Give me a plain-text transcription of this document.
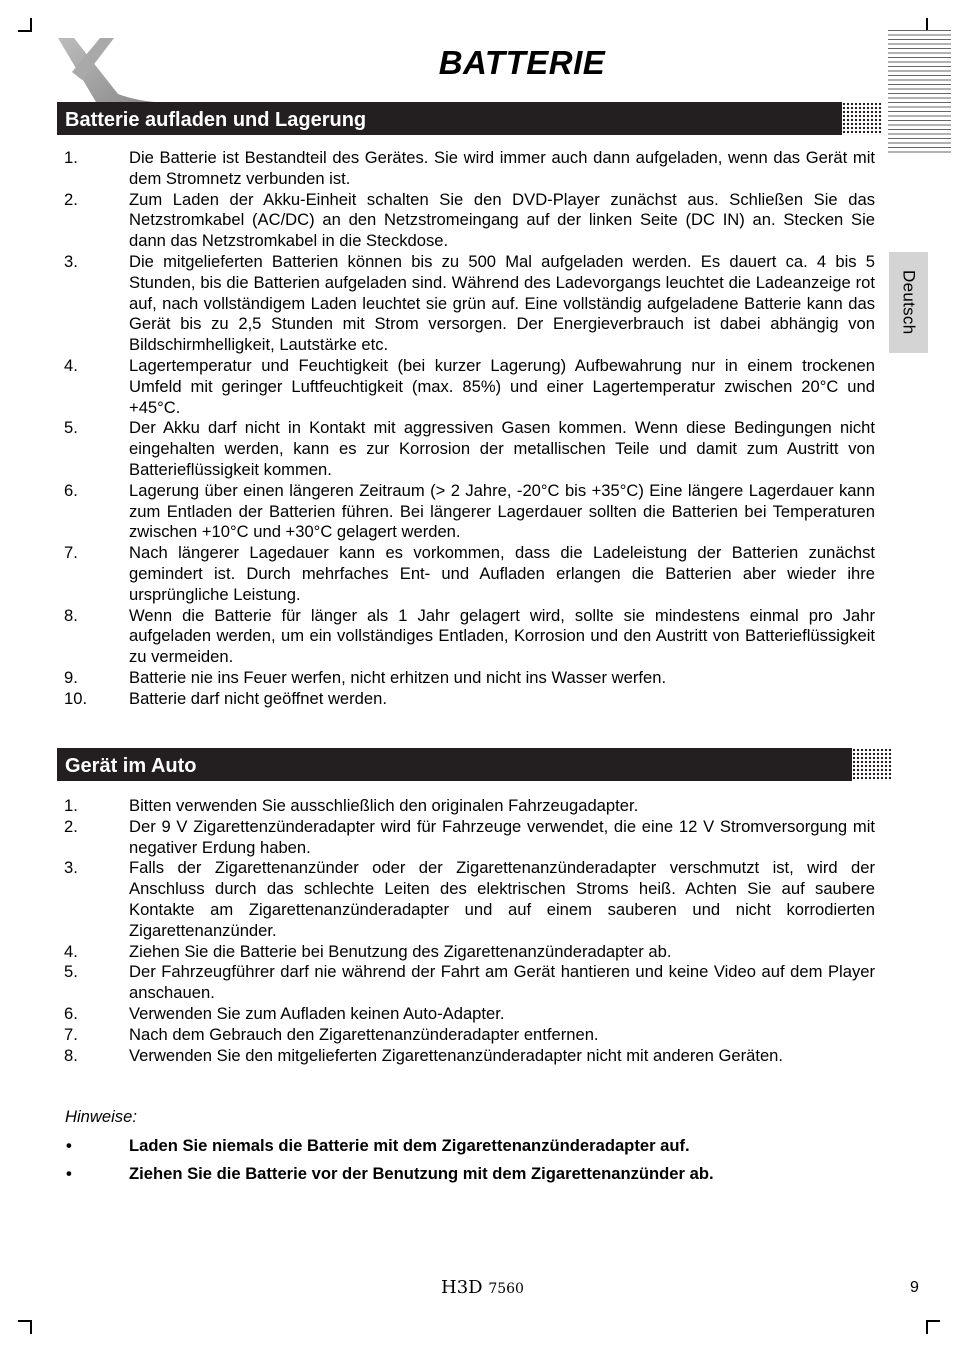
BATTERIE
Deutsch
Batterie aufladen und Lagerung
1.	Die Batterie ist Bestandteil des Gerätes. Sie wird immer auch dann aufgeladen, wenn das Gerät mit dem Stromnetz verbunden ist.
2.	Zum Laden der Akku-Einheit schalten Sie den DVD-Player zunächst aus. Schließen Sie das Netzstromkabel (AC/DC) an den Netzstromeingang auf der linken Seite (DC IN) an. Stecken Sie dann das Netzstromkabel in die Steckdose.
3.	Die mitgelieferten Batterien können bis zu 500 Mal aufgeladen werden. Es dauert ca. 4 bis 5 Stunden, bis die Batterien aufgeladen sind. Während des Ladevorgangs leuchtet die Ladeanzeige rot auf, nach vollständigem Laden leuchtet sie grün auf. Eine vollständig aufgeladene Batterie kann das Gerät bis zu 2,5 Stunden mit Strom versorgen. Der Energieverbrauch ist dabei abhängig von Bildschirmhelligkeit, Lautstärke etc.
4.	Lagertemperatur und Feuchtigkeit (bei kurzer Lagerung) Aufbewahrung nur in einem trockenen Umfeld mit geringer Luftfeuchtigkeit (max. 85%) und einer Lagertemperatur zwischen 20°C und +45°C.
5.	Der Akku darf nicht in Kontakt mit aggressiven Gasen kommen. Wenn diese Bedingungen nicht eingehalten werden, kann es zur Korrosion der metallischen Teile und damit zum Austritt von Batterieflüssigkeit kommen.
6.	Lagerung über einen längeren Zeitraum (> 2 Jahre, -20°C bis +35°C) Eine längere Lagerdauer kann zum Entladen der Batterien führen. Bei längerer Lagerdauer sollten die Batterien bei Temperaturen zwischen +10°C und +30°C gelagert werden.
7.	Nach längerer Lagedauer kann es vorkommen, dass die Ladeleistung der Batterien zunächst gemindert ist. Durch mehrfaches Ent- und Aufladen erlangen die Batterien aber wieder ihre ursprüngliche Leistung.
8.	Wenn die Batterie für länger als 1 Jahr gelagert wird, sollte sie mindestens einmal pro Jahr aufgeladen werden, um ein vollständiges Entladen, Korrosion und den Austritt von Batterieflüssigkeit zu vermeiden.
9.	Batterie nie ins Feuer werfen, nicht erhitzen und nicht ins Wasser werfen.
10.	Batterie darf nicht geöffnet werden.
Gerät im Auto
1.	Bitten verwenden Sie ausschließlich den originalen Fahrzeugadapter.
2.	Der 9 V Zigarettenzünderadapter wird für Fahrzeuge verwendet, die eine 12 V Stromversorgung mit negativer Erdung haben.
3.	Falls der Zigarettenanzünder oder der Zigarettenanzünderadapter verschmutzt ist, wird der Anschluss durch das schlechte Leiten des elektrischen Stroms heiß. Achten Sie auf saubere Kontakte am Zigarettenanzünderadapter und auf einem sauberen und nicht korrodierten Zigarettenanzünder.
4.	Ziehen Sie die Batterie bei Benutzung des Zigarettenanzünderadapter ab.
5.	Der Fahrzeugführer darf nie während der Fahrt am Gerät hantieren und keine Video auf dem Player anschauen.
6.	Verwenden Sie zum Aufladen keinen Auto-Adapter.
7.	Nach dem Gebrauch den Zigarettenanzünderadapter entfernen.
8.	Verwenden Sie den mitgelieferten Zigarettenanzünderadapter nicht mit anderen Geräten.
Hinweise:
•	Laden Sie niemals die Batterie mit dem Zigarettenanzünderadapter auf.
•	Ziehen Sie die Batterie vor der Benutzung mit dem Zigarettenanzünder ab.
H3D 7560	9
